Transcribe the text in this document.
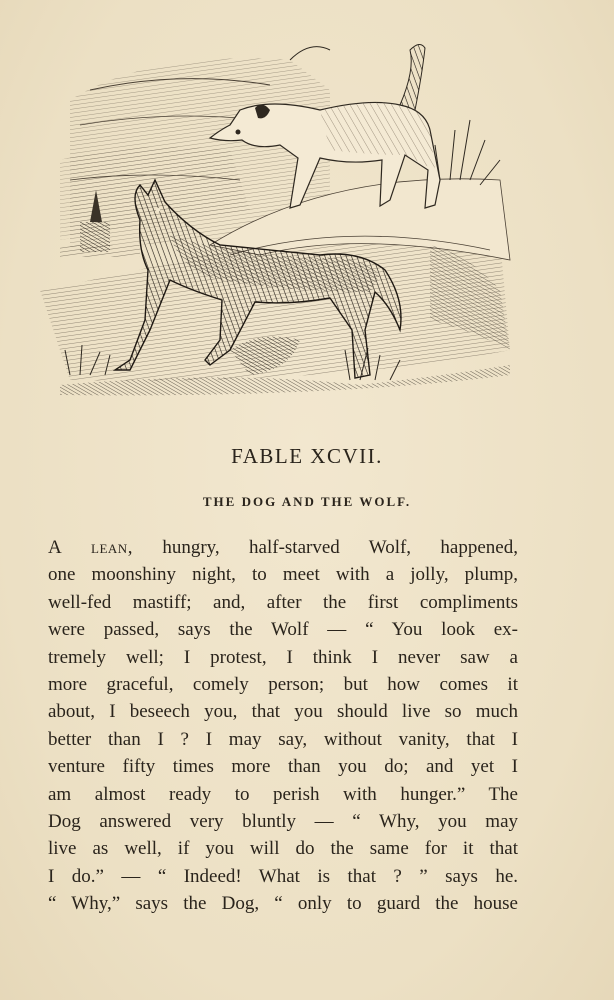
FABLE XCVII.
THE DOG AND THE WOLF.
A lean, hungry, half-starved Wolf, happened,
one moonshiny night, to meet with a jolly, plump,
well-fed mastiff; and, after the first compliments
were passed, says the Wolf — “ You look ex-
tremely well; I protest, I think I never saw a
more graceful, comely person; but how comes it
about, I beseech you, that you should live so much
better than I ? I may say, without vanity, that I
venture fifty times more than you do; and yet I
am almost ready to perish with hunger.” The
Dog answered very bluntly — “ Why, you may
live as well, if you will do the same for it that
I do.” — “ Indeed! What is that ? ” says he.
“ Why,” says the Dog, “ only to guard the house
